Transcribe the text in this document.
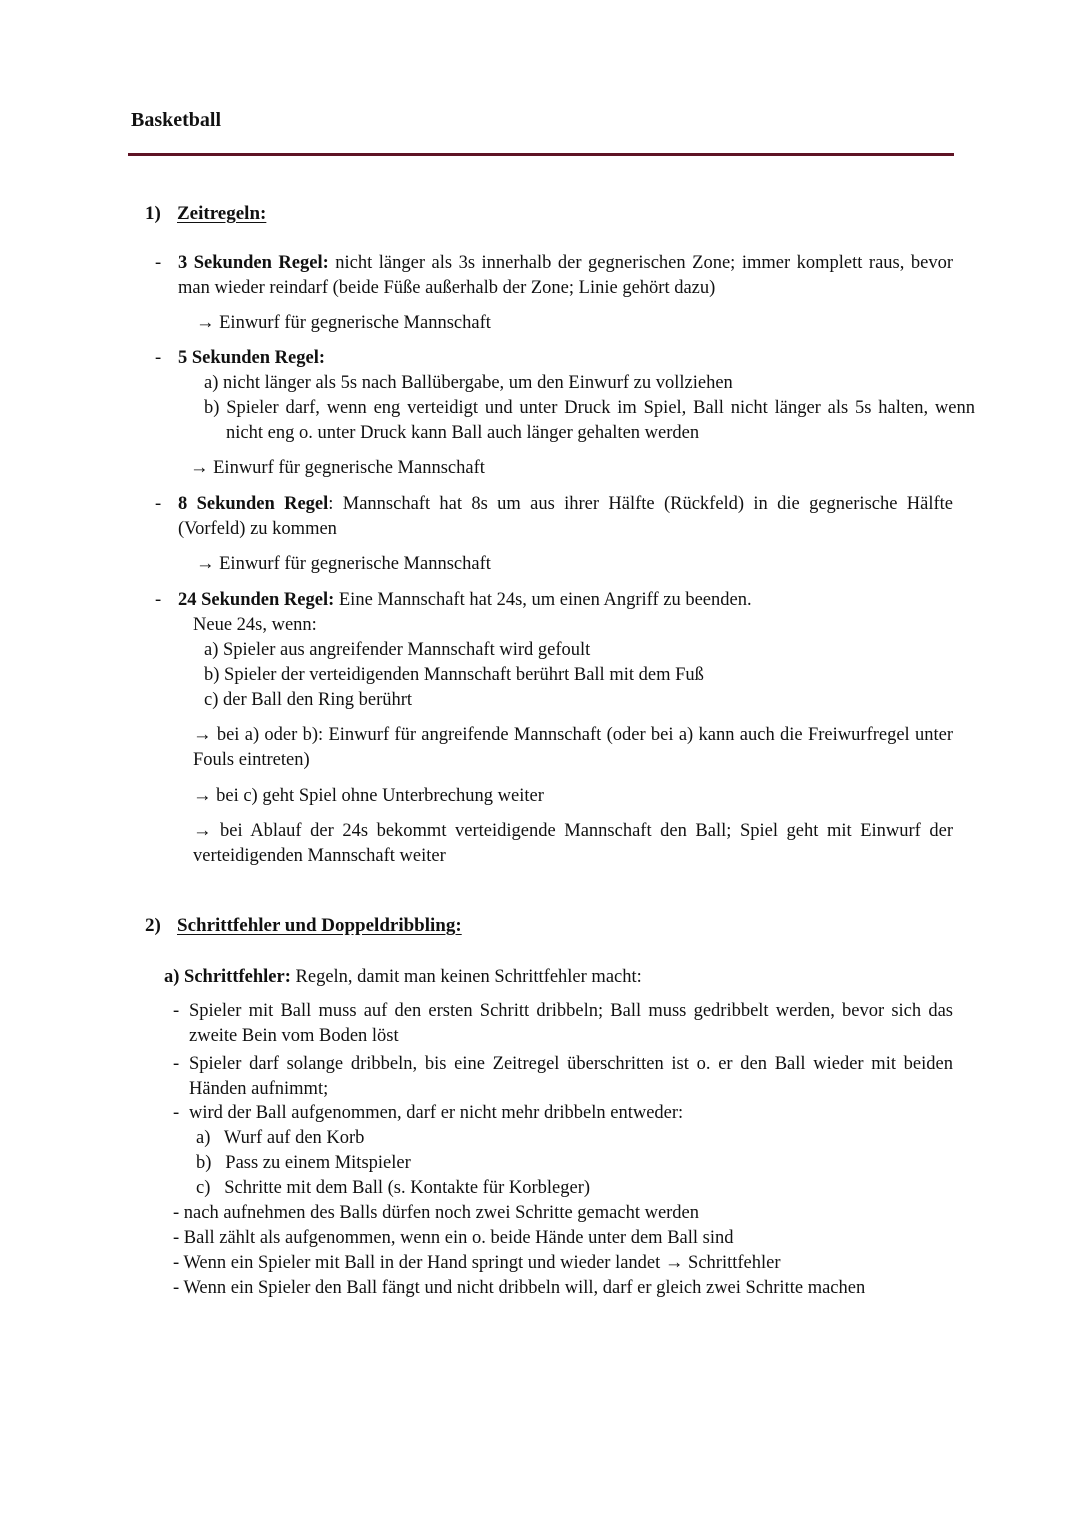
Basketball
1) Zeitregeln:
- 3 Sekunden Regel: nicht länger als 3s innerhalb der gegnerischen Zone; immer komplett raus, bevor man wieder reindarf (beide Füße außerhalb der Zone; Linie gehört dazu)
→ Einwurf für gegnerische Mannschaft
- 5 Sekunden Regel:
a) nicht länger als 5s nach Ballübergabe, um den Einwurf zu vollziehen
b) Spieler darf, wenn eng verteidigt und unter Druck im Spiel, Ball nicht länger als 5s halten, wenn nicht eng o. unter Druck kann Ball auch länger gehalten werden
→ Einwurf für gegnerische Mannschaft
- 8 Sekunden Regel: Mannschaft hat 8s um aus ihrer Hälfte (Rückfeld) in die gegnerische Hälfte (Vorfeld) zu kommen
→ Einwurf für gegnerische Mannschaft
- 24 Sekunden Regel: Eine Mannschaft hat 24s, um einen Angriff zu beenden.
Neue 24s, wenn:
a) Spieler aus angreifender Mannschaft wird gefoult
b) Spieler der verteidigenden Mannschaft berührt Ball mit dem Fuß
c) der Ball den Ring berührt
→ bei a) oder b): Einwurf für angreifende Mannschaft (oder bei a) kann auch die Freiwurfregel unter Fouls eintreten)
→ bei c) geht Spiel ohne Unterbrechung weiter
→ bei Ablauf der 24s bekommt verteidigende Mannschaft den Ball; Spiel geht mit Einwurf der verteidigenden Mannschaft weiter
2) Schrittfehler und Doppeldribbling:
a) Schrittfehler: Regeln, damit man keinen Schrittfehler macht:
- Spieler mit Ball muss auf den ersten Schritt dribbeln; Ball muss gedribbelt werden, bevor sich das zweite Bein vom Boden löst
- Spieler darf solange dribbeln, bis eine Zeitregel überschritten ist o. er den Ball wieder mit beiden Händen aufnimmt;
- wird der Ball aufgenommen, darf er nicht mehr dribbeln entweder:
a)   Wurf auf den Korb
b)   Pass zu einem Mitspieler
c)   Schritte mit dem Ball (s. Kontakte für Korbleger)
- nach aufnehmen des Balls dürfen noch zwei Schritte gemacht werden
- Ball zählt als aufgenommen, wenn ein o. beide Hände unter dem Ball sind
- Wenn ein Spieler mit Ball in der Hand springt und wieder landet → Schrittfehler
- Wenn ein Spieler den Ball fängt und nicht dribbeln will, darf er gleich zwei Schritte machen
